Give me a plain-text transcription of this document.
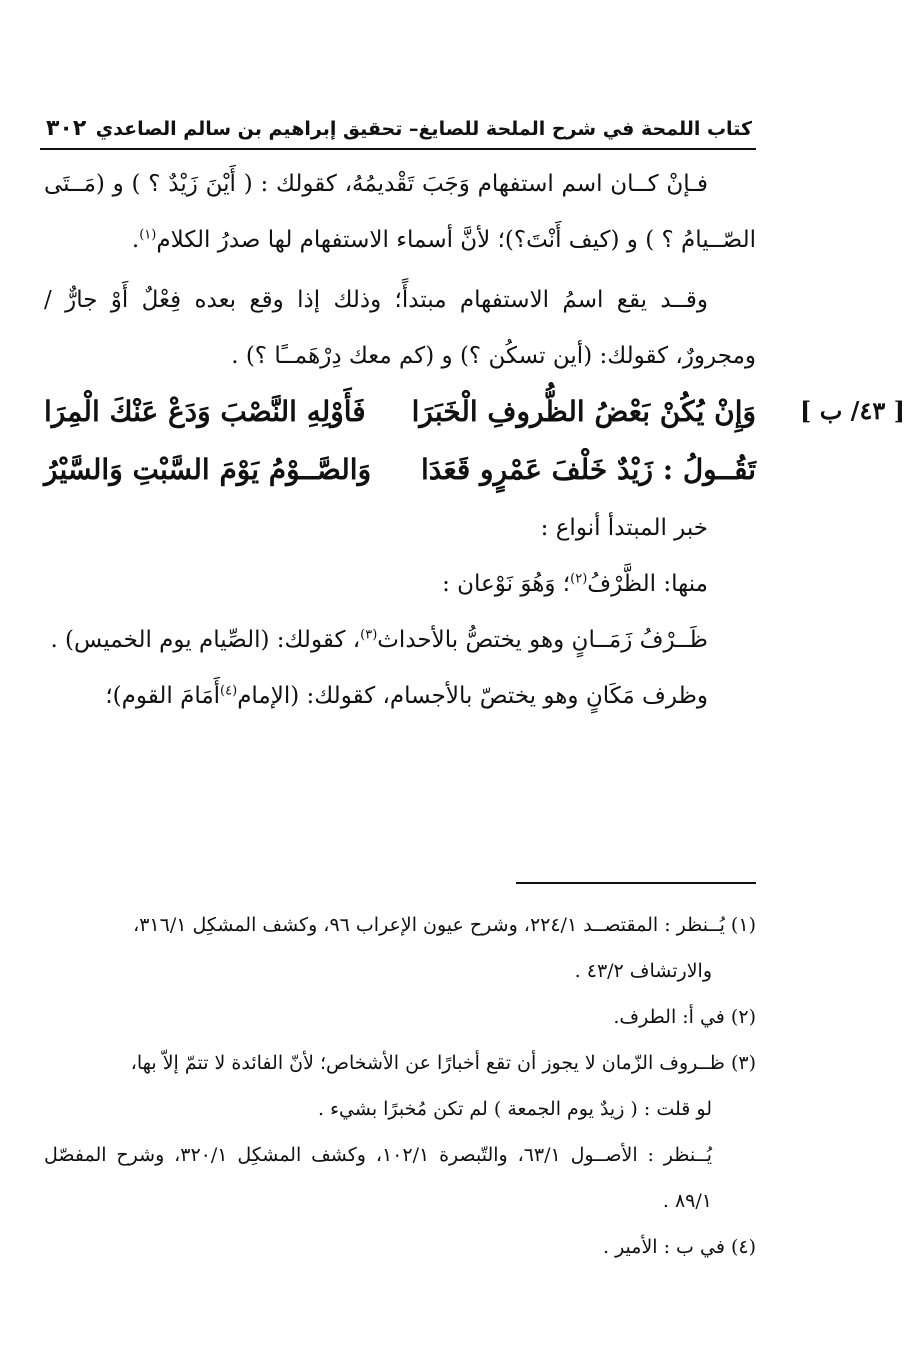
كتاب اللمحة في شرح الملحة للصايغ– تحقيق إبراهيم بن سالم الصاعدي
٣٠٢
[ ٤٣/ ب ]

فـإنْ كــان اسم استفهام وَجَبَ تَقْديمُهُ، كقولك : ( أَيْنَ زَيْدٌ ؟ ) و (مَــتَى الصّــيامُ ؟ ) و (كيف أَنْتَ؟)؛ لأنَّ أسماء الاستفهام لها صدرُ الكلام$^{(١)}$.

وقــد يقع اسمُ الاستفهام مبتدأً؛ وذلك إذا وقع بعده فِعْلٌ أَوْ جارٌّ /ومجرورٌ، كقولك: (أين تسكُن ؟) و (كم معك دِرْهَمــًا ؟) .

وَإِنْ يُكُنْ بَعْضُ الظُّروفِ الْخَبَرَا
فَأَوْلِهِ النَّصْبَ وَدَعْ عَنْكَ الْمِرَا
تَقُــولُ : زَيْدٌ خَلْفَ عَمْرٍو قَعَدَا
وَالصَّــوْمُ يَوْمَ السَّبْتِ وَالسَّيْرُ

خبر المبتدأ أنواع :

منها: الظَّرْفُ$^{(٢)}$؛ وَهُوَ نَوْعان :

ظَــرْفُ زَمَــانٍ وهو يختصُّ بالأحداث$^{(٣)}$، كقولك: (الصِّيام يوم الخميس) .

وظرف مَكَانٍ وهو يختصّ بالأجسام، كقولك: (الإمام$^{(٤)}$أَمَامَ القوم)؛

(١) يُــنظر : المقتصــد ٢٢٤/١، وشرح عيون الإعراب ٩٦، وكشف المشكِل ٣١٦/١،

والارتشاف ٤٣/٢ .

(٢) في أ: الطرف.

(٣) ظــروف الزّمان لا يجوز أن تقع أخبارًا عن الأشخاص؛ لأنّ الفائدة لا تتمّ إلاّ بها،

لو قلت : ( زيدٌ يوم الجمعة ) لم تكن مُخبرًا بشيء .

يُــنظر : الأصــول ٦٣/١، والتّبصرة ١٠٢/١، وكشف المشكِل ٣٢٠/١، وشرح المفصّل ٨٩/١ .

(٤) في ب : الأمير .
